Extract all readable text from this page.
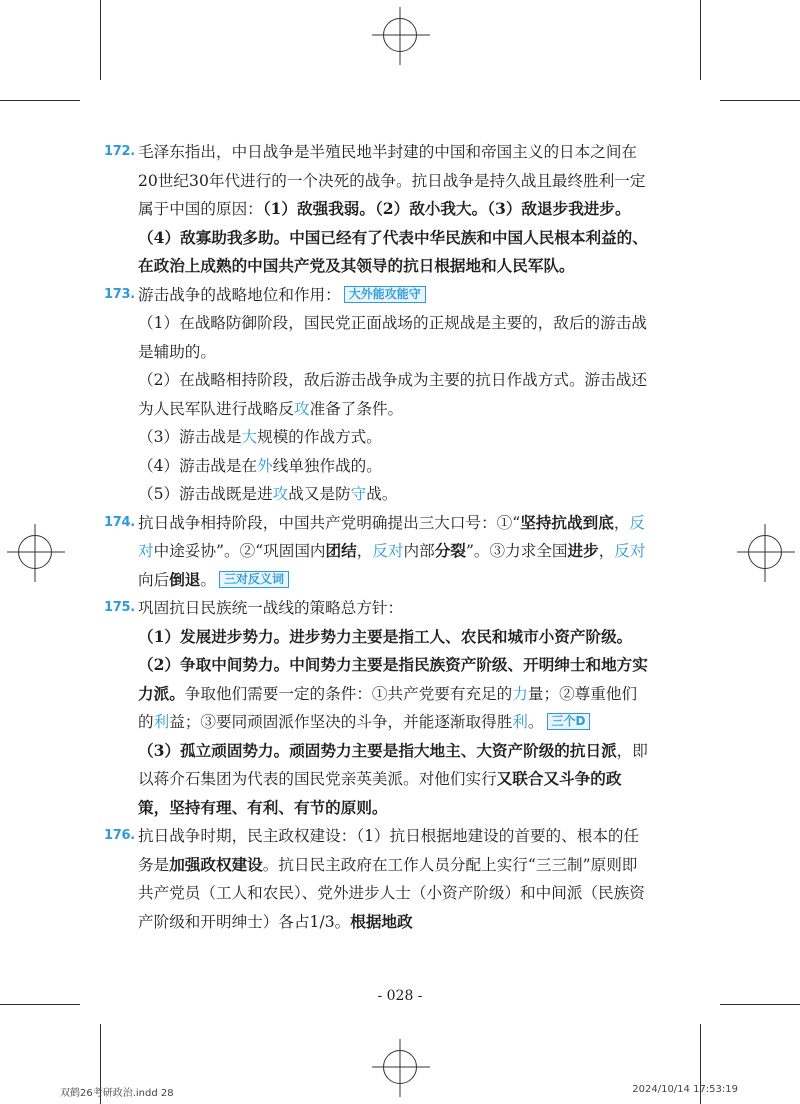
172. 毛泽东指出，中日战争是半殖民地半封建的中国和帝国主义的日本之间在20世纪30年代进行的一个决死的战争。抗日战争是持久战且最终胜利一定属于中国的原因：（1）敌强我弱。（2）敌小我大。（3）敌退步我进步。（4）敌寡助我多助。中国已经有了代表中华民族和中国人民根本利益的、在政治上成熟的中国共产党及其领导的抗日根据地和人民军队。
173. 游击战争的战略地位和作用： 大外能攻能守
（1）在战略防御阶段，国民党正面战场的正规战是主要的，敌后的游击战是辅助的。
（2）在战略相持阶段，敌后游击战争成为主要的抗日作战方式。游击战还为人民军队进行战略反攻准备了条件。
（3）游击战是大规模的作战方式。
（4）游击战是在外线单独作战的。
（5）游击战既是进攻战又是防守战。
174. 抗日战争相持阶段，中国共产党明确提出三大口号：①“坚持抗战到底，反对中途妥协”。②“巩固国内团结，反对内部分裂”。③力求全国进步，反对向后倒退。 三对反义词
175. 巩固抗日民族统一战线的策略总方针：
（1）发展进步势力。进步势力主要是指工人、农民和城市小资产阶级。
（2）争取中间势力。中间势力主要是指民族资产阶级、开明绅士和地方实力派。争取他们需要一定的条件：①共产党要有充足的力量；②尊重他们的利益；③要同顽固派作坚决的斗争，并能逐渐取得胜利。 三个D
（3）孤立顽固势力。顽固势力主要是指大地主、大资产阶级的抗日派，即以蒋介石集团为代表的国民党亲英美派。对他们实行又联合又斗争的政策，坚持有理、有利、有节的原则。
176. 抗日战争时期，民主政权建设：（1）抗日根据地建设的首要的、根本的任务是加强政权建设。抗日民主政府在工作人员分配上实行“三三制”原则即共产党员（工人和农民）、党外进步人士（小资产阶级）和中间派（民族资产阶级和开明绅士）各占1/3。根据地政
- 028 -
双鹤26考研政治.indd 28	2024/10/14 17:53:19
